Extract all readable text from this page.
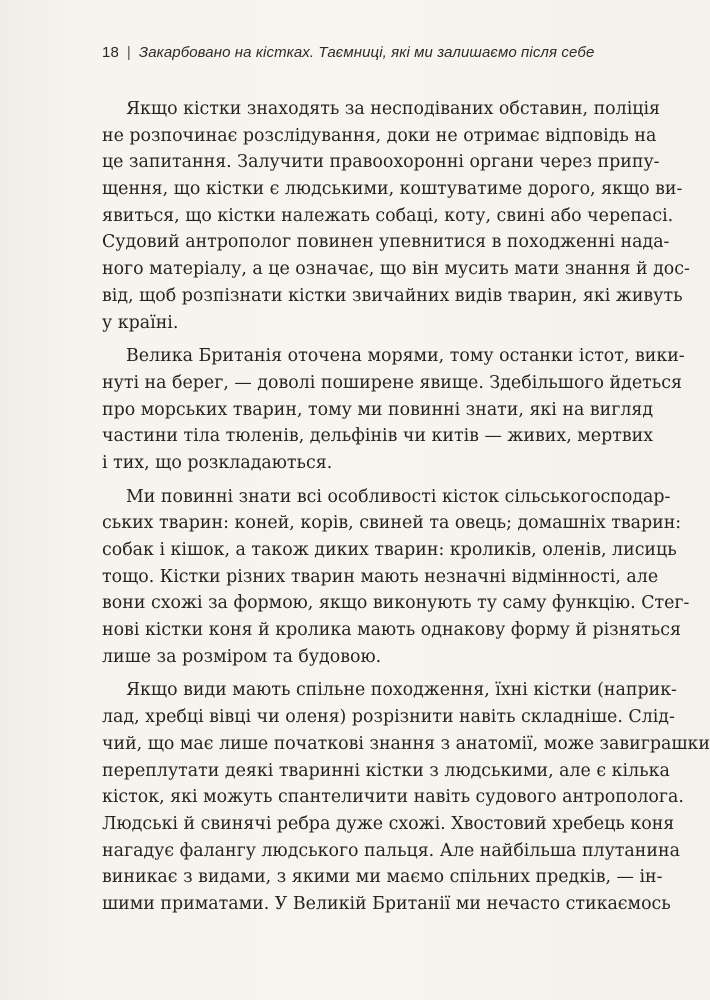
18 | Закарбовано на кістках. Таємниці, які ми залишаємо після себе
Якщо кістки знаходять за несподіваних обставин, поліція
не розпочинає розслідування, доки не отримає відповідь на
це запитання. Залучити правоохоронні органи через припу-
щення, що кістки є людськими, коштуватиме дорого, якщо ви-
явиться, що кістки належать собаці, коту, свині або черепасі.
Судовий антрополог повинен упевнитися в походженні нада-
ного матеріалу, а це означає, що він мусить мати знання й дос-
від, щоб розпізнати кістки звичайних видів тварин, які живуть
у країні.
Велика Британія оточена морями, тому останки істот, вики-
нуті на берег, — доволі поширене явище. Здебільшого йдеться
про морських тварин, тому ми повинні знати, які на вигляд
частини тіла тюленів, дельфінів чи китів — живих, мертвих
і тих, що розкладаються.
Ми повинні знати всі особливості кісток сільськогосподар-
ських тварин: коней, корів, свиней та овець; домашніх тварин:
собак і кішок, а також диких тварин: кроликів, оленів, лисиць
тощо. Кістки різних тварин мають незначні відмінності, але
вони схожі за формою, якщо виконують ту саму функцію. Стег-
нові кістки коня й кролика мають однакову форму й різняться
лише за розміром та будовою.
Якщо види мають спільне походження, їхні кістки (наприк-
лад, хребці вівці чи оленя) розрізнити навіть складніше. Слід-
чий, що має лише початкові знання з анатомії, може завиграшки
переплутати деякі тваринні кістки з людськими, але є кілька
кісток, які можуть спантеличити навіть судового антрополога.
Людські й свинячі ребра дуже схожі. Хвостовий хребець коня
нагадує фалангу людського пальця. Але найбільша плутанина
виникає з видами, з якими ми маємо спільних предків, — ін-
шими приматами. У Великій Британії ми нечасто стикаємось
